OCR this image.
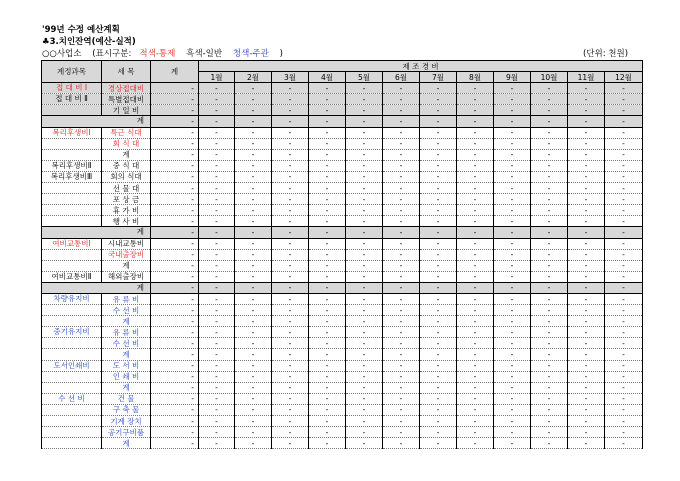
'99년 수정 예산계획
♣3.치인잔역(예산-실적)
○○사업소 (표시구분: 적색-통제 흑색-일반 청색-주관 )	(단위: 천원)
계정과목	세 목	계	제 조 경 비											
			1월	2월	3월	4월	5월	6월	7월	8월	9월	10월	11월	12월
접 대 비 Ⅰ	경상접대비	-	-	-	-	-	-	-	-	-	-	-	-	-
접 대 비 Ⅱ	특별접대비	-	-	-	-	-	-	-	-	-	-	-	-	-
	기 일 비	-	-	-	-	-	-	-	-	-	-	-	-	-
계		-	-	-	-	-	-	-	-	-	-	-	-	-
복리후생비Ⅰ	특근 식대	-	-	-	-	-	-	-	-	-	-	-	-	-
	회 식 대	-	-	-	-	-	-	-	-	-	-	-	-	-
	계	-	-	-	-	-	-	-	-	-	-	-	-	-
복리후생비Ⅱ	중 식 대	-	-	-	-	-	-	-	-	-	-	-	-	-
복리후생비Ⅲ	회의 식대	-	-	-	-	-	-	-	-	-	-	-	-	-
	선 물 대	-	-	-	-	-	-	-	-	-	-	-	-	-
	포 상 금	-	-	-	-	-	-	-	-	-	-	-	-	-
	휴 가 비	-	-	-	-	-	-	-	-	-	-	-	-	-
	행 사 비	-	-	-	-	-	-	-	-	-	-	-	-	-
계		-	-	-	-	-	-	-	-	-	-	-	-	-
여비교통비Ⅰ	시내교통비	-	-	-	-	-	-	-	-	-	-	-	-	-
	국내출장비	-	-	-	-	-	-	-	-	-	-	-	-	-
	계	-	-	-	-	-	-	-	-	-	-	-	-	-
여비교통비Ⅱ	해외출장비	-	-	-	-	-	-	-	-	-	-	-	-	-
계		-	-	-	-	-	-	-	-	-	-	-	-	-
차량유지비	유 류 비	-	-	-	-	-	-	-	-	-	-	-	-	-
	수 선 비	-	-	-	-	-	-	-	-	-	-	-	-	-
	계	-	-	-	-	-	-	-	-	-	-	-	-	-
중기유지비	유 류 비	-	-	-	-	-	-	-	-	-	-	-	-	-
	수 선 비	-	-	-	-	-	-	-	-	-	-	-	-	-
	계	-	-	-	-	-	-	-	-	-	-	-	-	-
도서인쇄비	도 서 비	-	-	-	-	-	-	-	-	-	-	-	-	-
	인 쇄 비	-	-	-	-	-	-	-	-	-	-	-	-	-
	계	-	-	-	-	-	-	-	-	-	-	-	-	-
수 선 비	건 물	-	-	-	-	-	-	-	-	-	-	-	-	-
	구 축 물	-	-	-	-	-	-	-	-	-	-	-	-	-
	기계 장치	-	-	-	-	-	-	-	-	-	-	-	-	-
	공기구비품	-	-	-	-	-	-	-	-	-	-	-	-	-
	계	-	-	-	-	-	-	-	-	-	-	-	-	-
